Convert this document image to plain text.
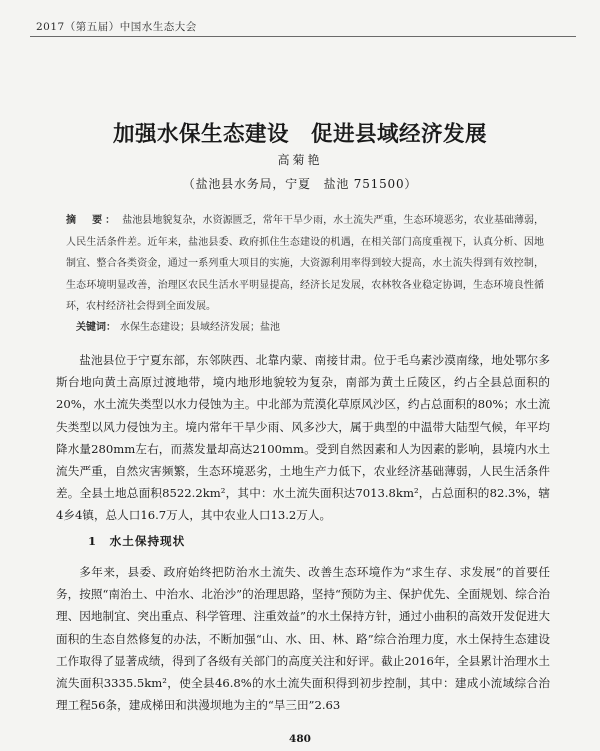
2017（第五届）中国水生态大会
加强水保生态建设　促进县域经济发展
高菊艳
（盐池县水务局，宁夏　盐池 751500）

摘　要： 盐池县地貌复杂，水资源匮乏，常年干旱少雨，水土流失严重，生态环境恶劣，农业基础薄弱，人民生活条件差。近年来，盐池县委、政府抓住生态建设的机遇，在相关部门高度重视下，认真分析、因地制宜、整合各类资金，通过一系列重大项目的实施，大资源利用率得到较大提高，水土流失得到有效控制，生态环境明显改善，治理区农民生活水平明显提高，经济长足发展，农林牧各业稳定协调，生态环境良性循环，农村经济社会得到全面发展。

关键词： 水保生态建设；县域经济发展；盐池

盐池县位于宁夏东部，东邻陕西、北靠内蒙、南接甘肃。位于毛乌素沙漠南缘，地处鄂尔多斯台地向黄土高原过渡地带，境内地形地貌较为复杂，南部为黄土丘陵区，约占全县总面积的20%，水土流失类型以水力侵蚀为主。中北部为荒漠化草原风沙区，约占总面积的80%；水土流失类型以风力侵蚀为主。境内常年干旱少雨、风多沙大，属于典型的中温带大陆型气候，年平均降水量280mm左右，而蒸发量却高达2100mm。受到自然因素和人为因素的影响，县境内水土流失严重，自然灾害频繁，生态环境恶劣，土地生产力低下，农业经济基础薄弱，人民生活条件差。全县土地总面积8522.2km²，其中：水土流失面积达7013.8km²，占总面积的82.3%，辖4乡4镇，总人口16.7万人，其中农业人口13.2万人。

1　水土保持现状

多年来，县委、政府始终把防治水土流失、改善生态环境作为“求生存、求发展”的首要任务，按照“南治土、中治水、北治沙”的治理思路，坚持“预防为主、保护优先、全面规划、综合治理、因地制宜、突出重点、科学管理、注重效益”的水土保持方针，通过小曲积的高效开发促进大面积的生态自然修复的办法，不断加强“山、水、田、林、路”综合治理力度，水土保持生态建设工作取得了显著成绩，得到了各级有关部门的高度关注和好评。截止2016年，全县累计治理水土流失面积3335.5km²，使全县46.8%的水土流失面积得到初步控制，其中：建成小流域综合治理工程56条，建成梯田和洪漫坝地为主的“旱三田”2.63

480
